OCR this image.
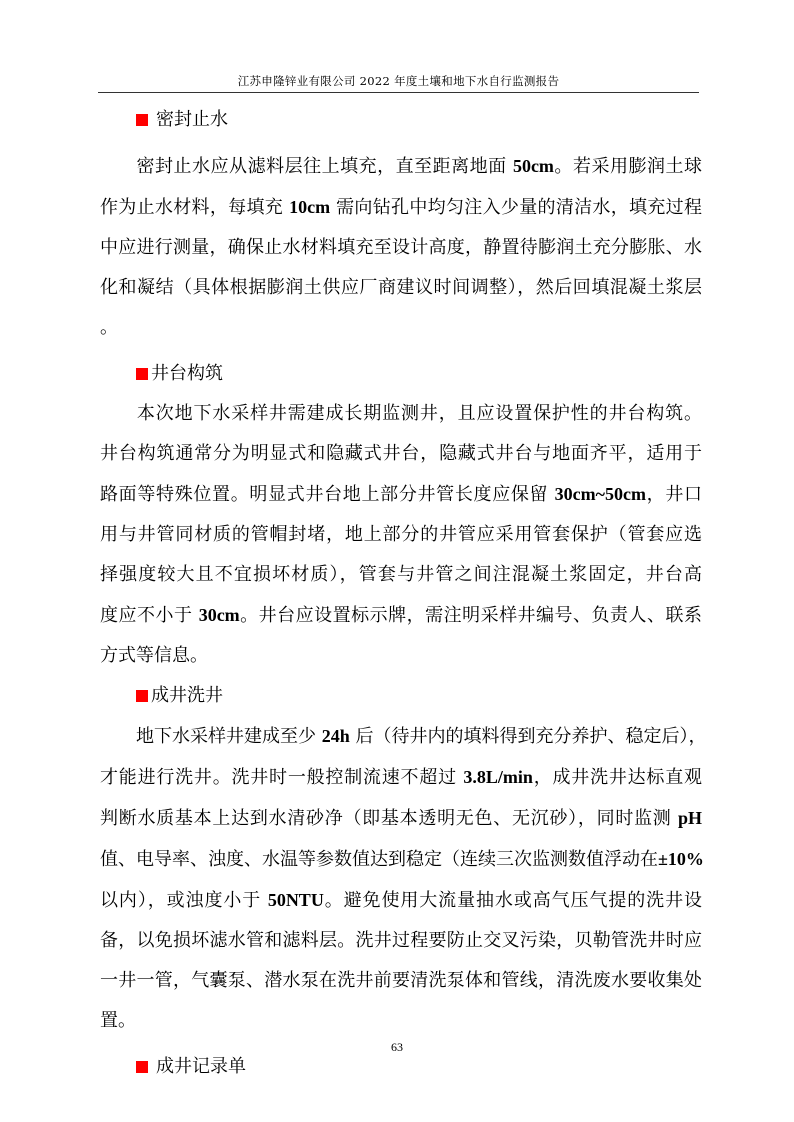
江苏申隆锌业有限公司 2022 年度土壤和地下水自行监测报告
密封止水
密封止水应从滤料层往上填充，直至距离地面 50cm。若采用膨润土球
作为止水材料，每填充 10cm 需向钻孔中均匀注入少量的清洁水，填充过程
中应进行测量，确保止水材料填充至设计高度，静置待膨润土充分膨胀、水
化和凝结（具体根据膨润土供应厂商建议时间调整），然后回填混凝土浆层
。
井台构筑
本次地下水采样井需建成长期监测井，且应设置保护性的井台构筑。
井台构筑通常分为明显式和隐藏式井台，隐藏式井台与地面齐平，适用于
路面等特殊位置。明显式井台地上部分井管长度应保留 30cm~50cm，井口
用与井管同材质的管帽封堵，地上部分的井管应采用管套保护（管套应选
择强度较大且不宜损坏材质），管套与井管之间注混凝土浆固定，井台高
度应不小于 30cm。井台应设置标示牌，需注明采样井编号、负责人、联系
方式等信息。
成井洗井
地下水采样井建成至少 24h 后（待井内的填料得到充分养护、稳定后），
才能进行洗井。洗井时一般控制流速不超过 3.8L/min，成井洗井达标直观
判断水质基本上达到水清砂净（即基本透明无色、无沉砂），同时监测 pH
值、电导率、浊度、水温等参数值达到稳定（连续三次监测数值浮动在±10%
以内），或浊度小于 50NTU。避免使用大流量抽水或高气压气提的洗井设
备，以免损坏滤水管和滤料层。洗井过程要防止交叉污染，贝勒管洗井时应
一井一管，气囊泵、潜水泵在洗井前要清洗泵体和管线，清洗废水要收集处
置。
成井记录单
63
